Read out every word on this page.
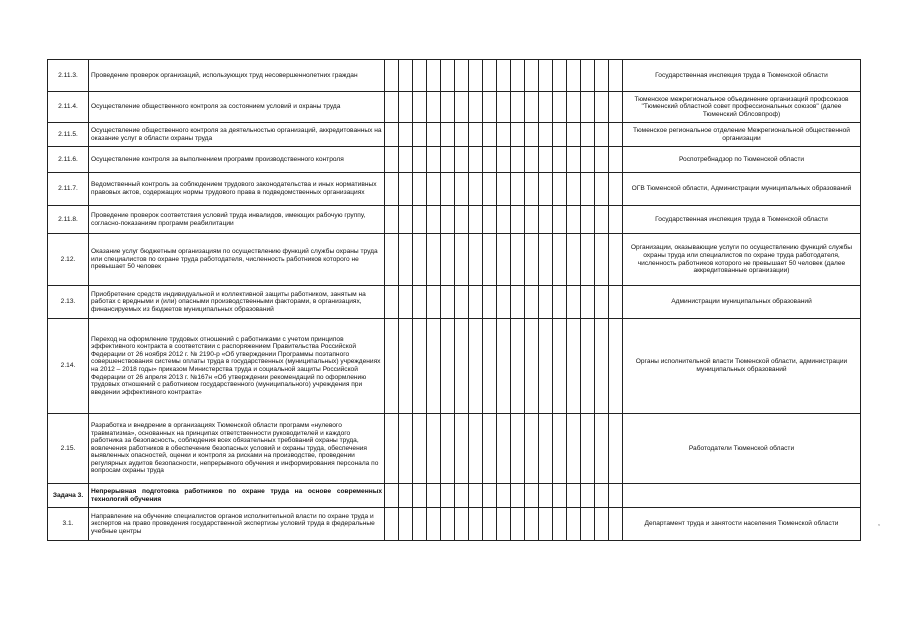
2.11.3.	Проведение проверок организаций, использующих труд несовершеннолетних граждан																		Государственная инспекция труда в Тюменской области
2.11.4.	Осуществление общественного контроля за состоянием условий и охраны труда																		Тюменское межрегиональное объединение организаций профсоюзов "Тюменский областной совет профессиональных союзов" (далее Тюменский Облсовпроф)
2.11.5.	Осуществление общественного контроля за деятельностью организаций, аккредитованных на оказание услуг в области охраны труда																		Тюменское региональное отделение Межрегиональной общественной организации
2.11.6.	Осуществление контроля за выполнением программ производственного контроля																		Роспотребнадзор по Тюменской области
2.11.7.	Ведомственный контроль за соблюдением трудового законодательства и иных нормативных правовых актов, содержащих нормы трудового права в подведомственных организациях																		ОГВ Тюменской области, Администрации муниципальных образований
2.11.8.	Проведение проверок соответствия условий труда инвалидов, имеющих рабочую группу, согласно-показаниям программ реабилитации																		Государственная инспекция труда в Тюменской области
2.12.	Оказание услуг бюджетным организациям по осуществлению функций службы охраны труда или специалистов по охране труда работодателя, численность работников которого не превышает 50 человек																		Организации, оказывающие услуги по осуществлению функций службы охраны труда или специалистов по охране труда работодателя, численность работников которого не превышает 50 человек (далее аккредитованные организации)
2.13.	Приобретение средств индивидуальной и коллективной защиты работником, занятым на работах с вредными и (или) опасными производственными факторами, в организациях, финансируемых из бюджетов муниципальных образований																		Администрации муниципальных образований
2.14.	Переход на оформление трудовых отношений с работниками с учетом принципов эффективного контракта в соответствии с распоряжением Правительства Российской Федерации от 26 ноября 2012 г. № 2190-р «Об утверждении Программы поэтапного совершенствования системы оплаты труда в государственных (муниципальных) учреждениях на 2012 – 2018 годы» приказом Министерства труда и социальной защиты Российской Федерации от 26 апреля 2013 г. №167н «Об утверждении рекомендаций по оформлению трудовых отношений с работником государственного (муниципального) учреждения при введении эффективного контракта»																		Органы исполнительной власти Тюменской области, администрации муниципальных образований
2.15.	Разработка и внедрение в организациях Тюменской области программ «нулевого травматизма», основанных на принципах ответственности руководителей и каждого работника за безопасность, соблюдения всех обязательных требований охраны труда, вовлечения работников в обеспечение безопасных условий и охраны труда, обеспечения выявленных опасностей, оценки и контроля за рисками на производстве, проведении регулярных аудитов безопасности, непрерывного обучения и информирования персонала по вопросам охраны труда																		Работодатели Тюменской области
Задача 3.	Непрерывная подготовка работников по охране труда на основе современных технологий обучения																		
3.1.	Направление на обучение специалистов органов исполнительной власти по охране труда и экспертов на право проведения государственной экспертизы условий труда в федеральные учебные центры																		Департамент труда и занятости населения Тюменской области	,
